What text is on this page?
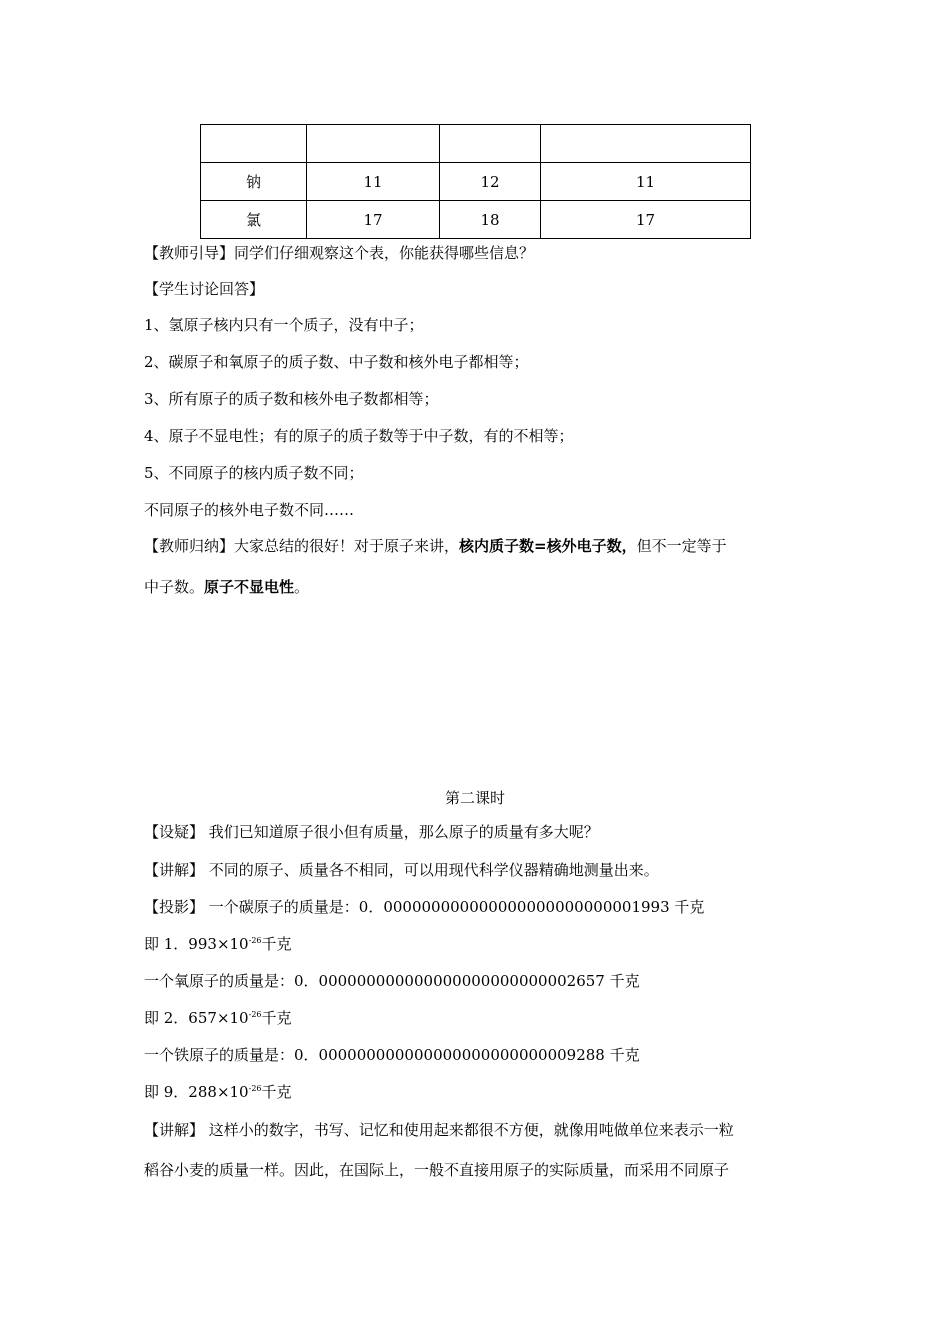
钠	11	12	11
氯	17	18	17
【教师引导】同学们仔细观察这个表，你能获得哪些信息？
【学生讨论回答】
1、氢原子核内只有一个质子，没有中子；
2、碳原子和氧原子的质子数、中子数和核外电子都相等；
3、所有原子的质子数和核外电子数都相等；
4、原子不显电性；有的原子的质子数等于中子数，有的不相等；
5、不同原子的核内质子数不同；
不同原子的核外电子数不同……
【教师归纳】大家总结的很好！对于原子来讲，核内质子数=核外电子数，但不一定等于
中子数。原子不显电性。
第二课时
【设疑】 我们已知道原子很小但有质量，那么原子的质量有多大呢？
【讲解】 不同的原子、质量各不相同，可以用现代科学仪器精确地测量出来。
【投影】 一个碳原子的质量是：0．000000000000000000000000001993 千克
即 1．$993\times 10^{-26}$千克
一个氧原子的质量是：0．000000000000000000000000002657 千克
即 2．$657\times 10^{-26}$千克
一个铁原子的质量是：0．000000000000000000000000009288 千克
即 9．$288\times 10^{-26}$千克
【讲解】 这样小的数字，书写、记忆和使用起来都很不方便，就像用吨做单位来表示一粒
稻谷小麦的质量一样。因此，在国际上，一般不直接用原子的实际质量，而采用不同原子
